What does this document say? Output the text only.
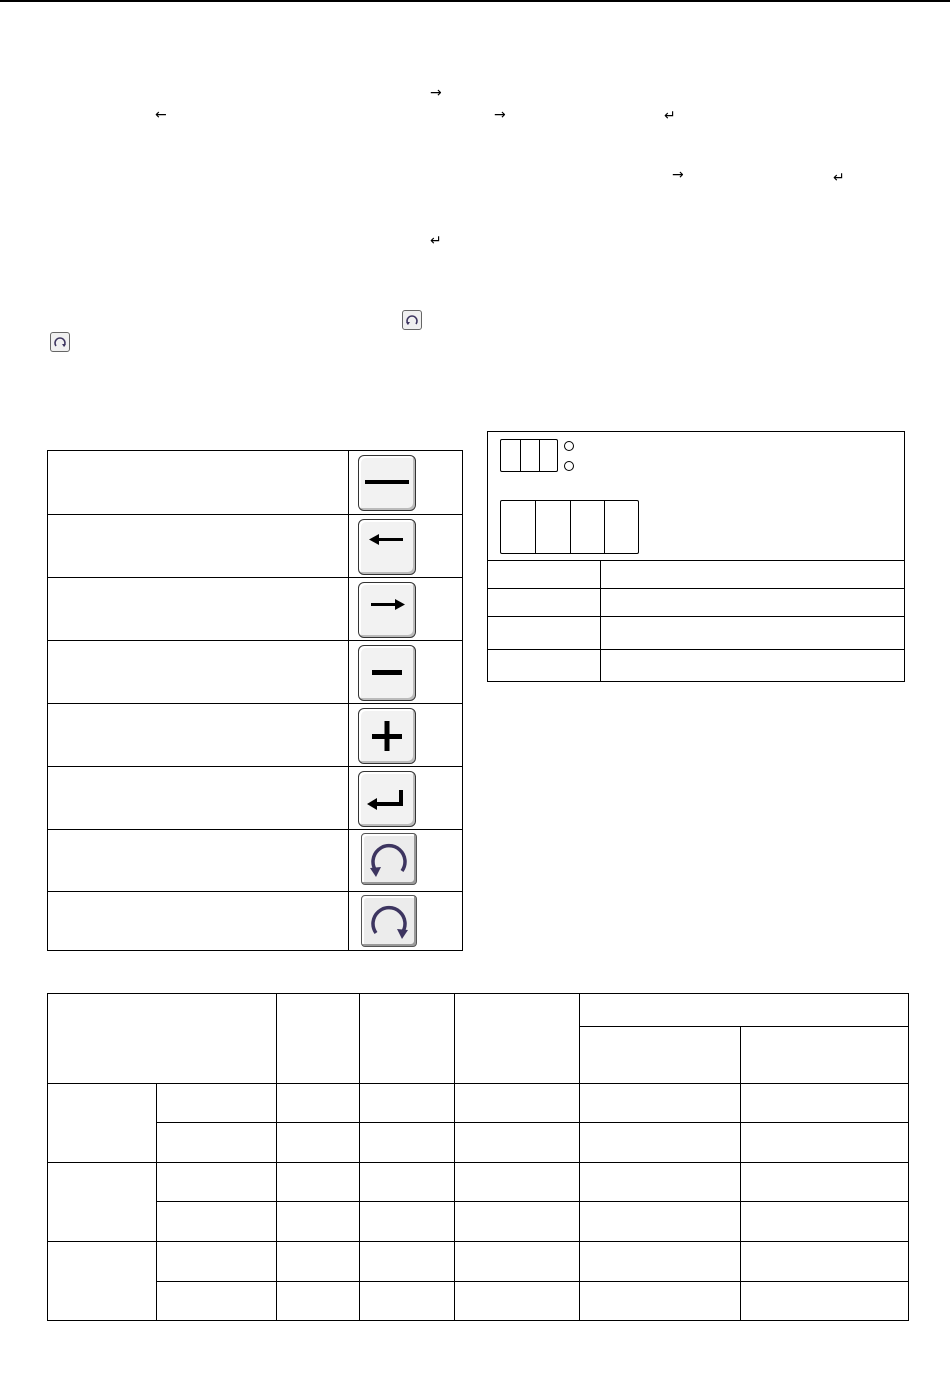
→
←	→	↵
→	↵
↵
